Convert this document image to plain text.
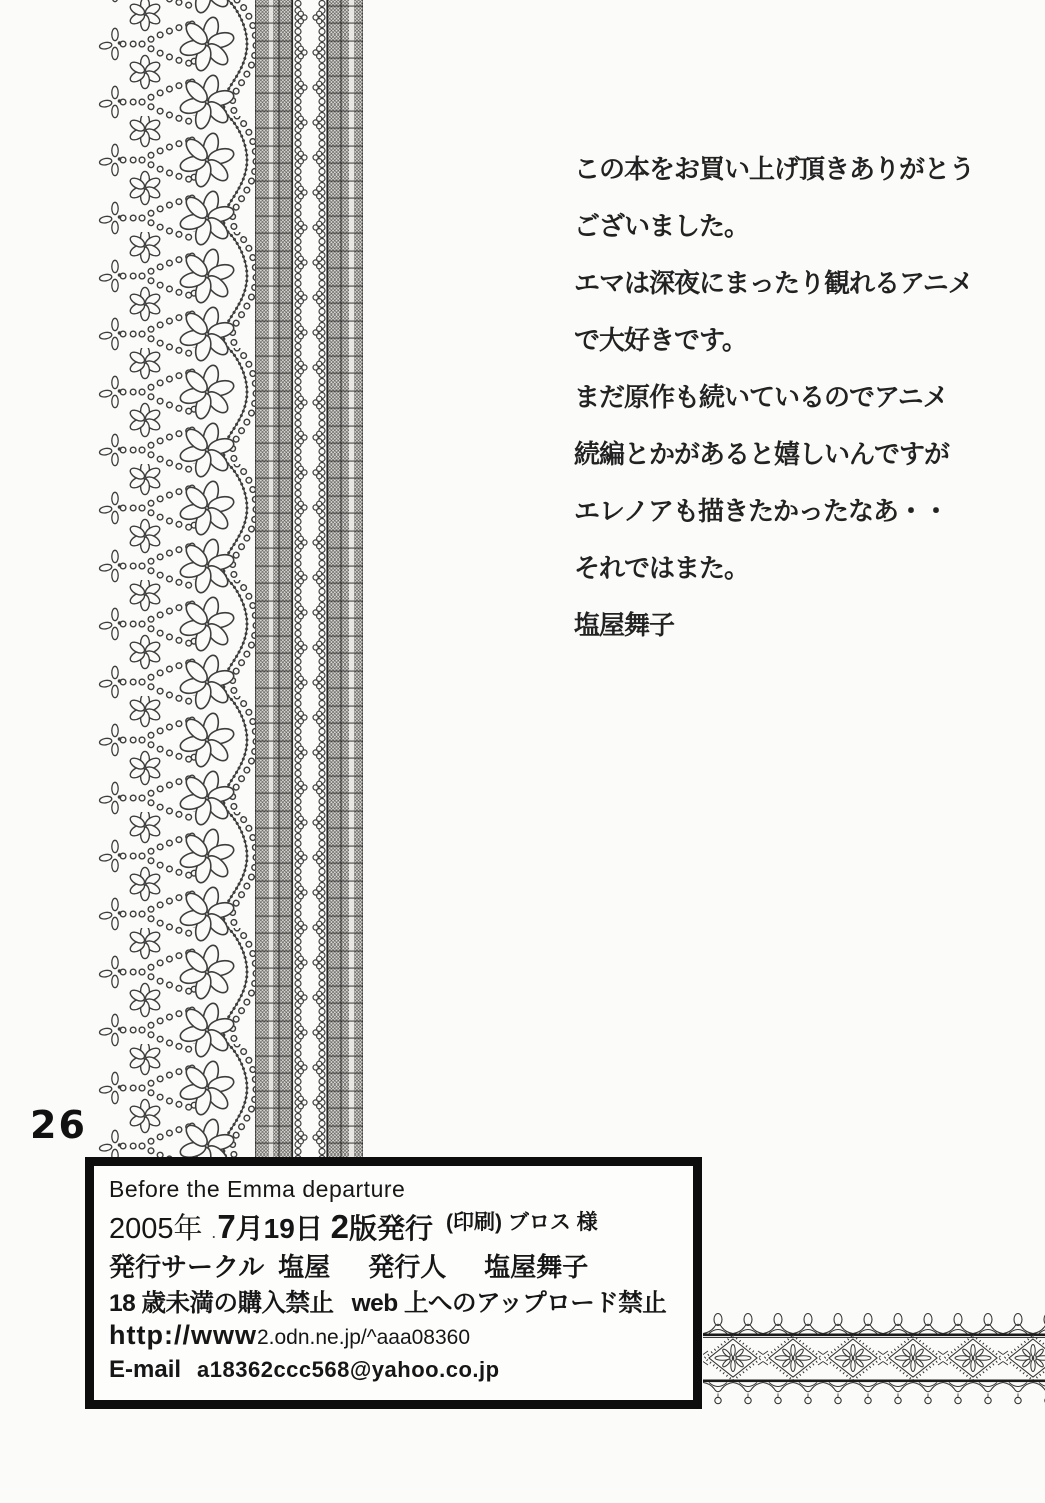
この本をお買い上げ頂きありがとう
ございました。
エマは深夜にまったり観れるアニメ
で大好きです。
まだ原作も続いているのでアニメ
続編とかがあると嬉しいんですが
エレノアも描きたかったなあ・・
それではまた。
塩屋舞子
26
Before the Emma departure
2005年 .7月19日 2版発行 (印刷) ブロス 様
発行サークル 塩屋 発行人 塩屋舞子
18 歳未満の購入禁止 web 上へのアップロード禁止
http://www2.odn.ne.jp/^aaa08360
E-mail a18362ccc568@yahoo.co.jp
